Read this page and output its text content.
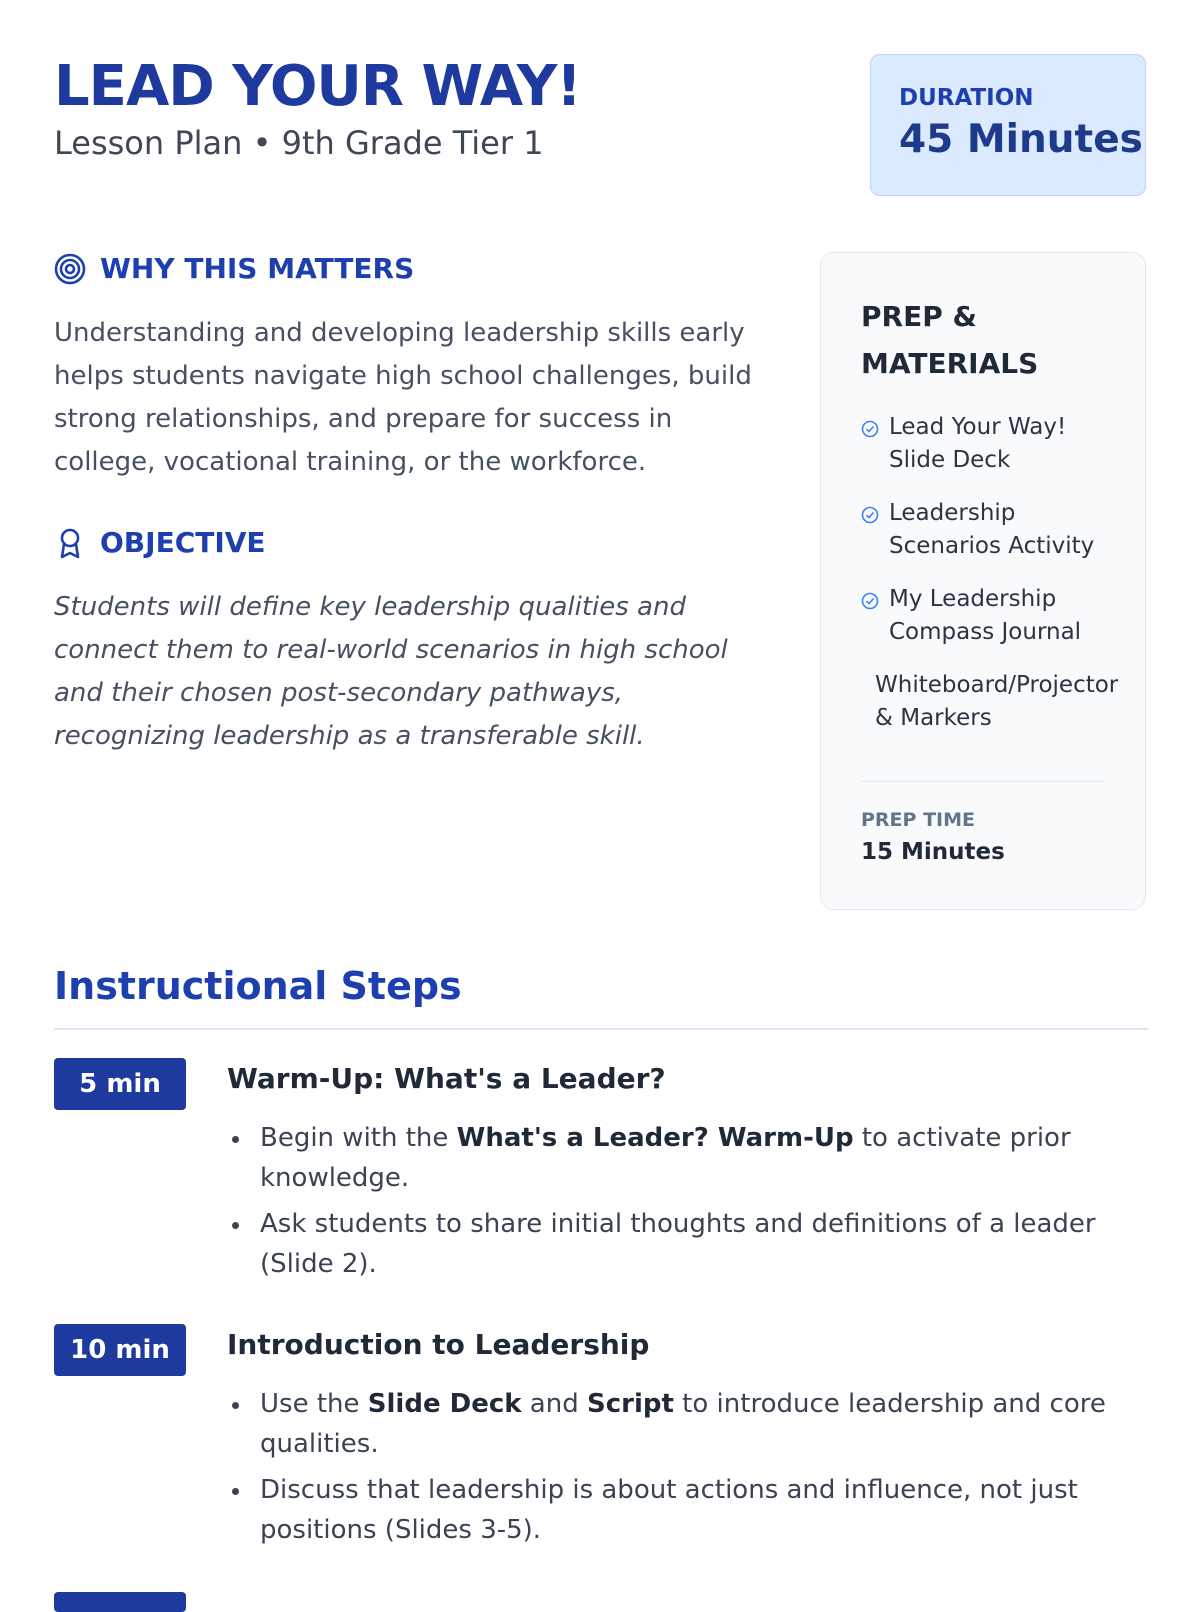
LEAD YOUR WAY!
Lesson Plan • 9th Grade Tier 1
DURATION
45 Minutes
WHY THIS MATTERS

Understanding and developing leadership skills early helps students navigate high school challenges, build strong relationships, and prepare for success in college, vocational training, or the workforce.

OBJECTIVE

Students will define key leadership qualities and connect them to real-world scenarios in high school and their chosen post-secondary pathways, recognizing leadership as a transferable skill.

PREP & MATERIALS
Lead Your Way! Slide Deck
Leadership Scenarios Activity
My Leadership Compass Journal
Whiteboard/Projector & Markers
PREP TIME
15 Minutes
Instructional Steps
5 min	Warm-Up: What's a Leader?
Begin with the What's a Leader? Warm-Up to activate prior knowledge.
Ask students to share initial thoughts and definitions of a leader (Slide 2).
10 min	Introduction to Leadership
Use the Slide Deck and Script to introduce leadership and core qualities.
Discuss that leadership is about actions and influence, not just positions (Slides 3-5).
